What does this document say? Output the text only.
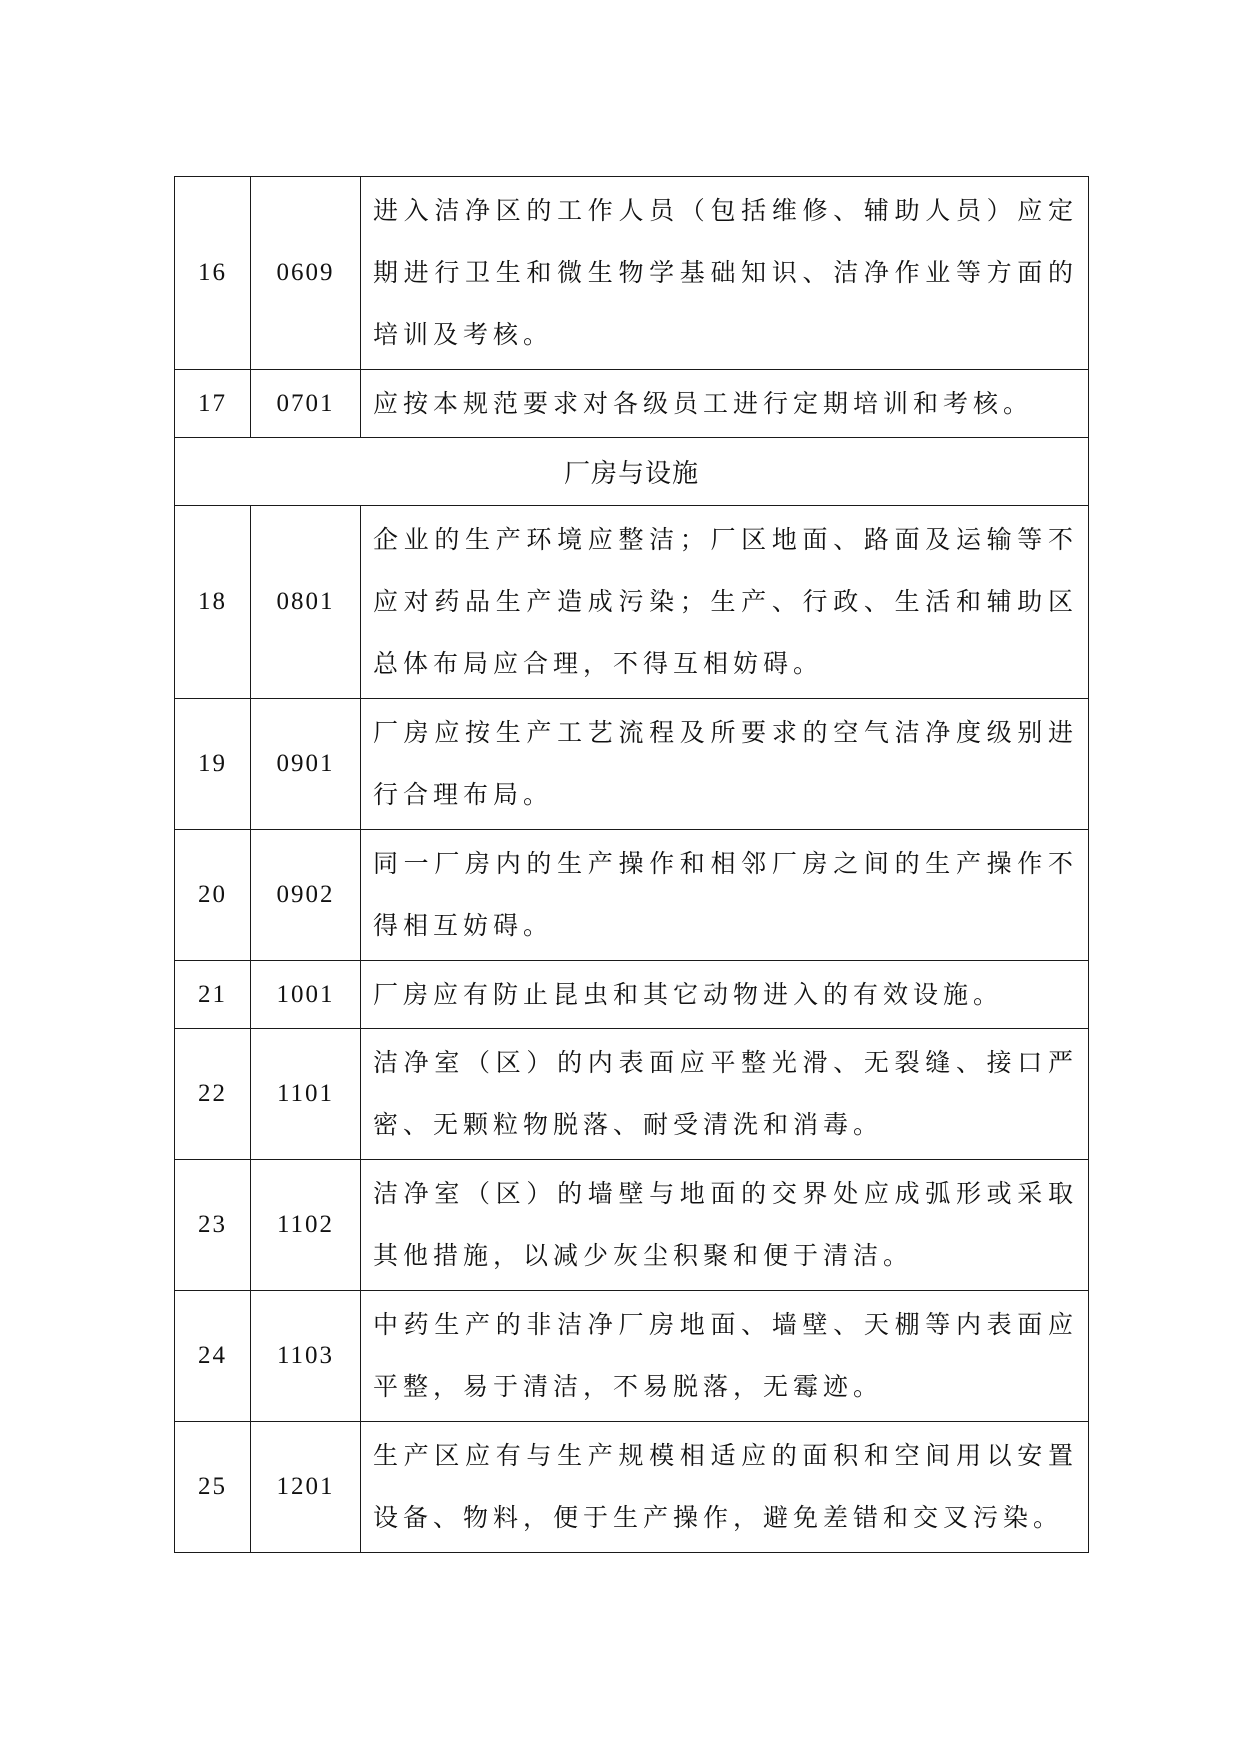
16	0609	进入洁净区的工作人员（包括维修、辅助人员）应定期进行卫生和微生物学基础知识、洁净作业等方面的培训及考核。
17	0701	应按本规范要求对各级员工进行定期培训和考核。
厂房与设施		
18	0801	企业的生产环境应整洁；厂区地面、路面及运输等不应对药品生产造成污染；生产、行政、生活和辅助区总体布局应合理，不得互相妨碍。
19	0901	厂房应按生产工艺流程及所要求的空气洁净度级别进行合理布局。
20	0902	同一厂房内的生产操作和相邻厂房之间的生产操作不得相互妨碍。
21	1001	厂房应有防止昆虫和其它动物进入的有效设施。
22	1101	洁净室（区）的内表面应平整光滑、无裂缝、接口严密、无颗粒物脱落、耐受清洗和消毒。
23	1102	洁净室（区）的墙壁与地面的交界处应成弧形或采取其他措施，以减少灰尘积聚和便于清洁。
24	1103	中药生产的非洁净厂房地面、墙壁、天棚等内表面应平整，易于清洁，不易脱落，无霉迹。
25	1201	生产区应有与生产规模相适应的面积和空间用以安置设备、物料，便于生产操作，避免差错和交叉污染。
